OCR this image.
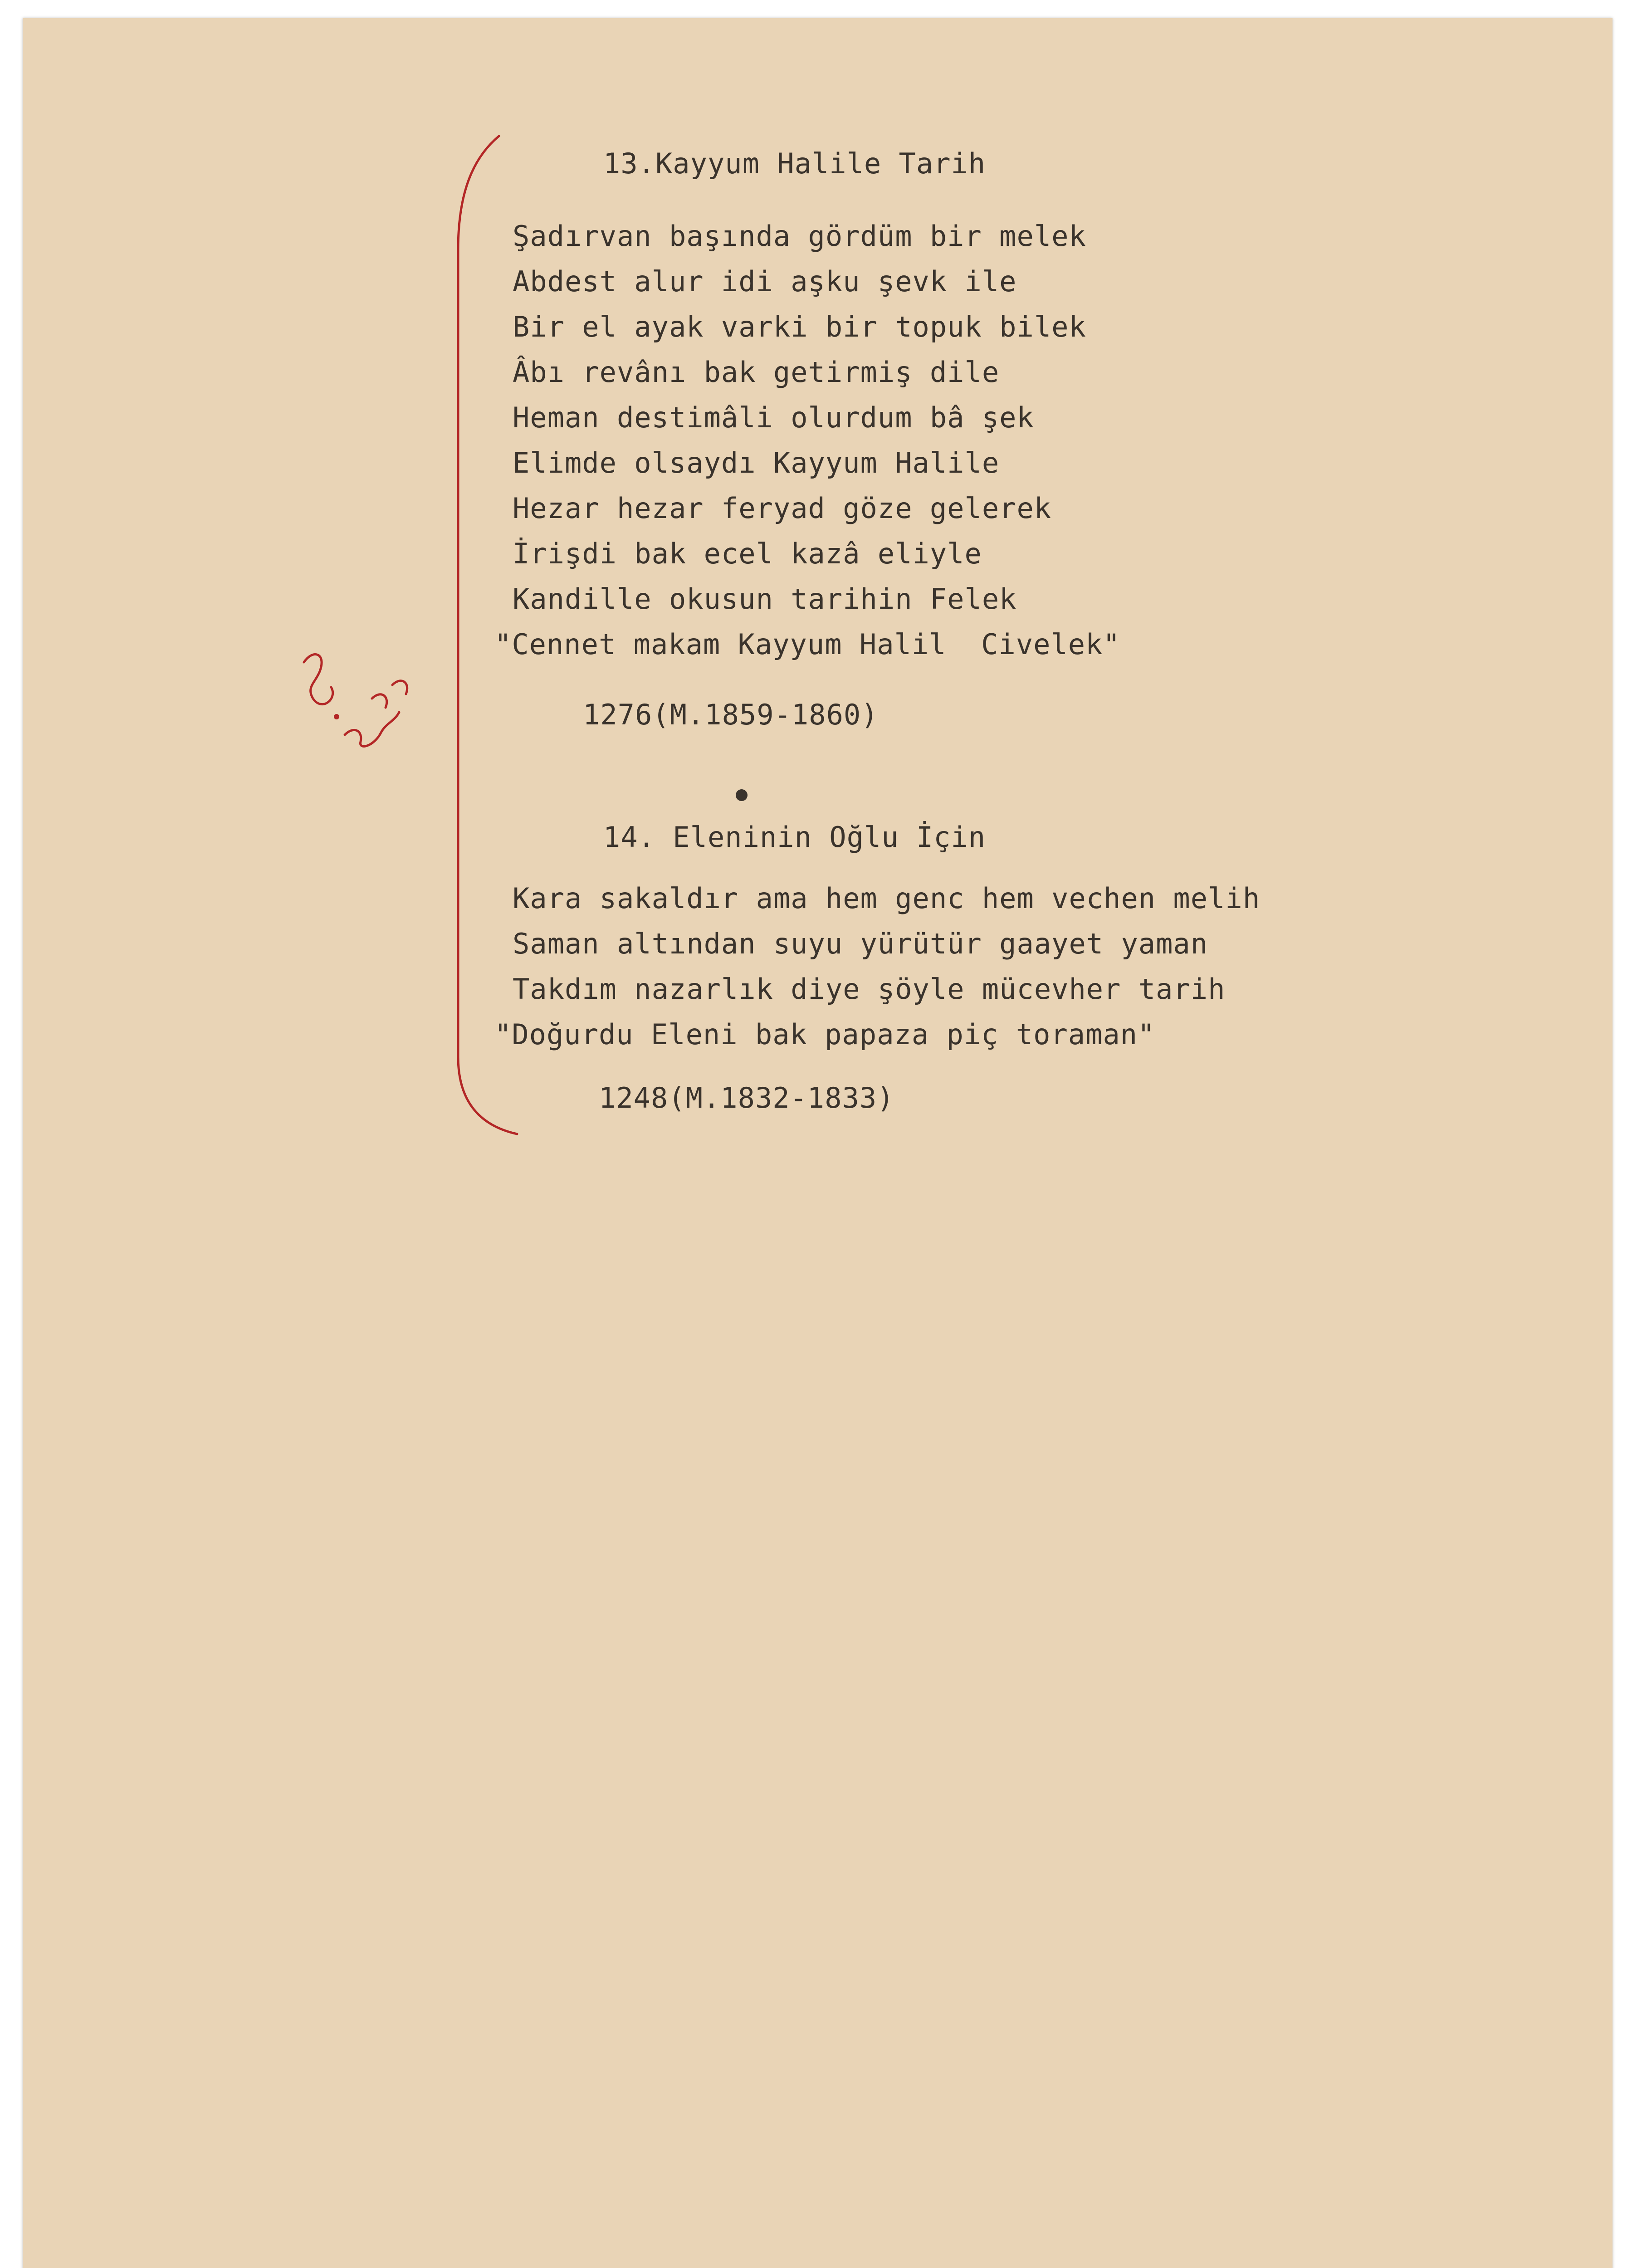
13.Kayyum Halile Tarih
Şadırvan başında gördüm bir melek
Abdest alur idi aşku şevk ile
Bir el ayak varki bir topuk bilek
Âbı revânı bak getirmiş dile
Heman destimâli olurdum bâ şek
Elimde olsaydı Kayyum Halile
Hezar hezar feryad göze gelerek
İrişdi bak ecel kazâ eliyle
Kandille okusun tarihin Felek
"Cennet makam Kayyum Halil  Civelek"
1276(M.1859-1860)
14. Eleninin Oğlu İçin
Kara sakaldır ama hem genc hem vechen melih
Saman altından suyu yürütür gaayet yaman
Takdım nazarlık diye şöyle mücevher tarih
"Doğurdu Eleni bak papaza piç toraman"
1248(M.1832-1833)
